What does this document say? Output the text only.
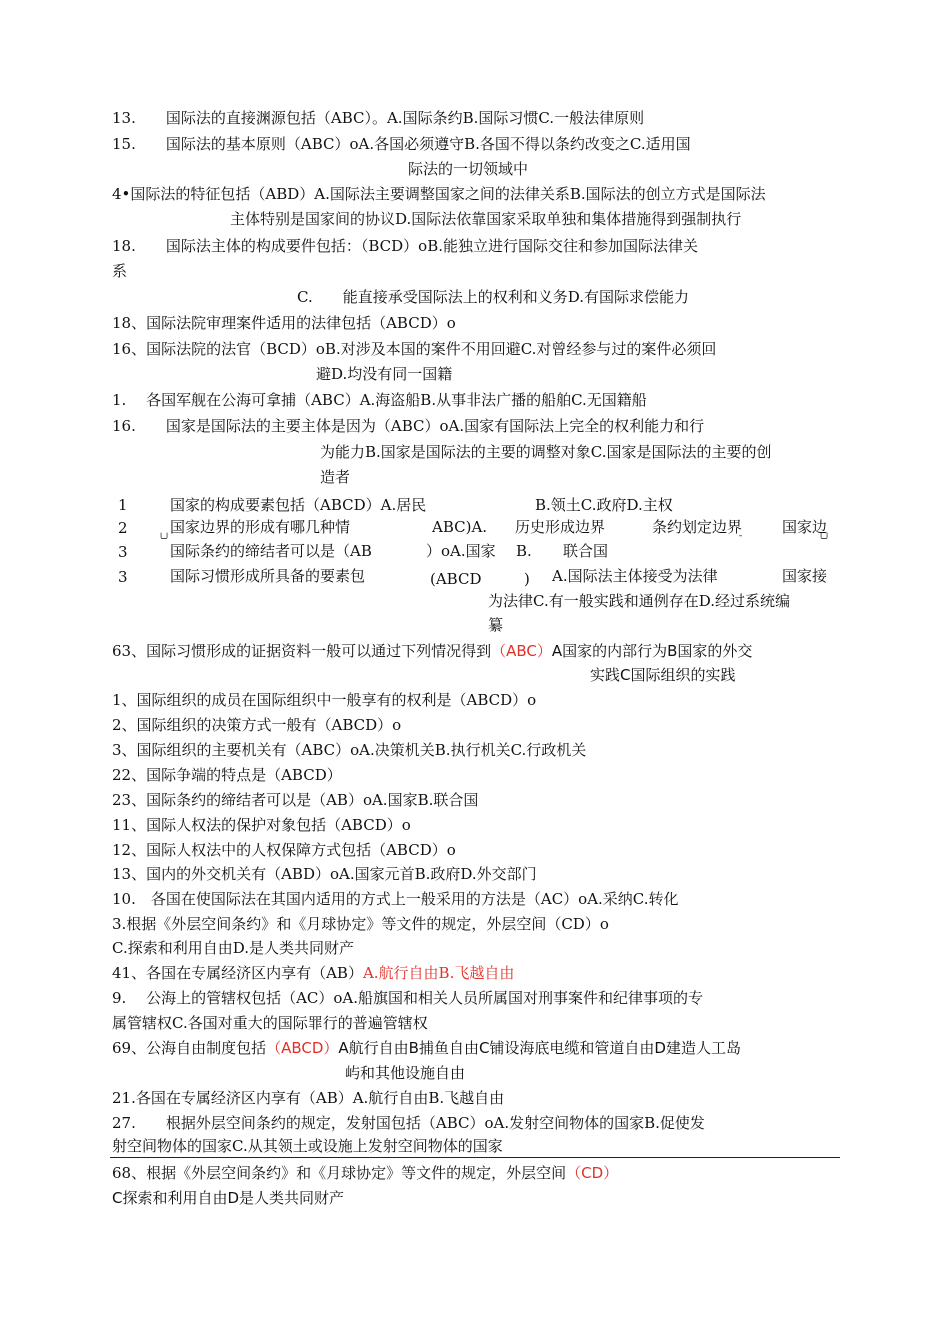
13.　　国际法的直接渊源包括（ABC）。A.国际条约B.国际习惯C.一般法律原则
15.　　国际法的基本原则（ABC）oA.各国必须遵守B.各国不得以条约改变之C.适用国
际法的一切领域中
4•国际法的特征包括（ABD）A.国际法主要调整国家之间的法律关系B.国际法的创立方式是国际法
主体特别是国家间的协议D.国际法依靠国家采取单独和集体措施得到强制执行
18.　　国际法主体的构成要件包括：（BCD）oB.能独立进行国际交往和参加国际法律关
系
C.　　能直接承受国际法上的权利和义务D.有国际求偿能力
18、国际法院审理案件适用的法律包括（ABCD）o
16、国际法院的法官（BCD）oB.对涉及本国的案件不用回避C.对曾经参与过的案件必须回
避D.均没有同一国籍
1.　 各国军舰在公海可拿捕（ABC）A.海盗船B.从事非法广播的船舶C.无国籍船
16.　　国家是国际法的主要主体是因为（ABC）oA.国家有国际法上完全的权利能力和行
为能力B.国家是国际法的主要的调整对象C.国家是国际法的主要的创
造者
1	国家的构成要素包括（ABCD）A.居民	B.领土C.政府D.主权
2	国家边界的形成有哪几种情	ABC)A. 历史形成边界	条约划定边界	国家边
╰╯	¯	╰╯
3	国际条约的缔结者可以是（AB	）oA.国家 B. 联合国
3	国际习惯形成所具备的要素包	(ABCD	) A.国际法主体接受为法律	国家接
为法律C.有一般实践和通例存在D.经过系统编
纂
63、国际习惯形成的证据资料一般可以通过下列情况得到（ABC）A国家的内部行为B国家的外交
实践C国际组织的实践
1、国际组织的成员在国际组织中一般享有的权利是（ABCD）o
2、国际组织的决策方式一般有（ABCD）o
3、国际组织的主要机关有（ABC）oA.决策机关B.执行机关C.行政机关
22、国际争端的特点是（ABCD）
23、国际条约的缔结者可以是（AB）oA.国家B.联合国
11、国际人权法的保护对象包括（ABCD）o
12、国际人权法中的人权保障方式包括（ABCD）o
13、国内的外交机关有（ABD）oA.国家元首B.政府D.外交部门
10.　各国在使国际法在其国内适用的方式上一般采用的方法是（AC）oA.采纳C.转化
3.根据《外层空间条约》和《月球协定》等文件的规定，外层空间（CD）o
C.探索和利用自由D.是人类共同财产
41、各国在专属经济区内享有（AB）A.航行自由B.飞越自由
9.　 公海上的管辖权包括（AC）oA.船旗国和相关人员所属国对刑事案件和纪律事项的专
属管辖权C.各国对重大的国际罪行的普遍管辖权
69、公海自由制度包括（ABCD）A航行自由B捕鱼自由C铺设海底电缆和管道自由D建造人工岛
屿和其他设施自由
21.各国在专属经济区内享有（AB）A.航行自由B.飞越自由
27.　　根据外层空间条约的规定，发射国包括（ABC）oA.发射空间物体的国家B.促使发
射空间物体的国家C.从其领土或设施上发射空间物体的国家
68、根据《外层空间条约》和《月球协定》等文件的规定，外层空间（CD）
C探索和利用自由D是人类共同财产
